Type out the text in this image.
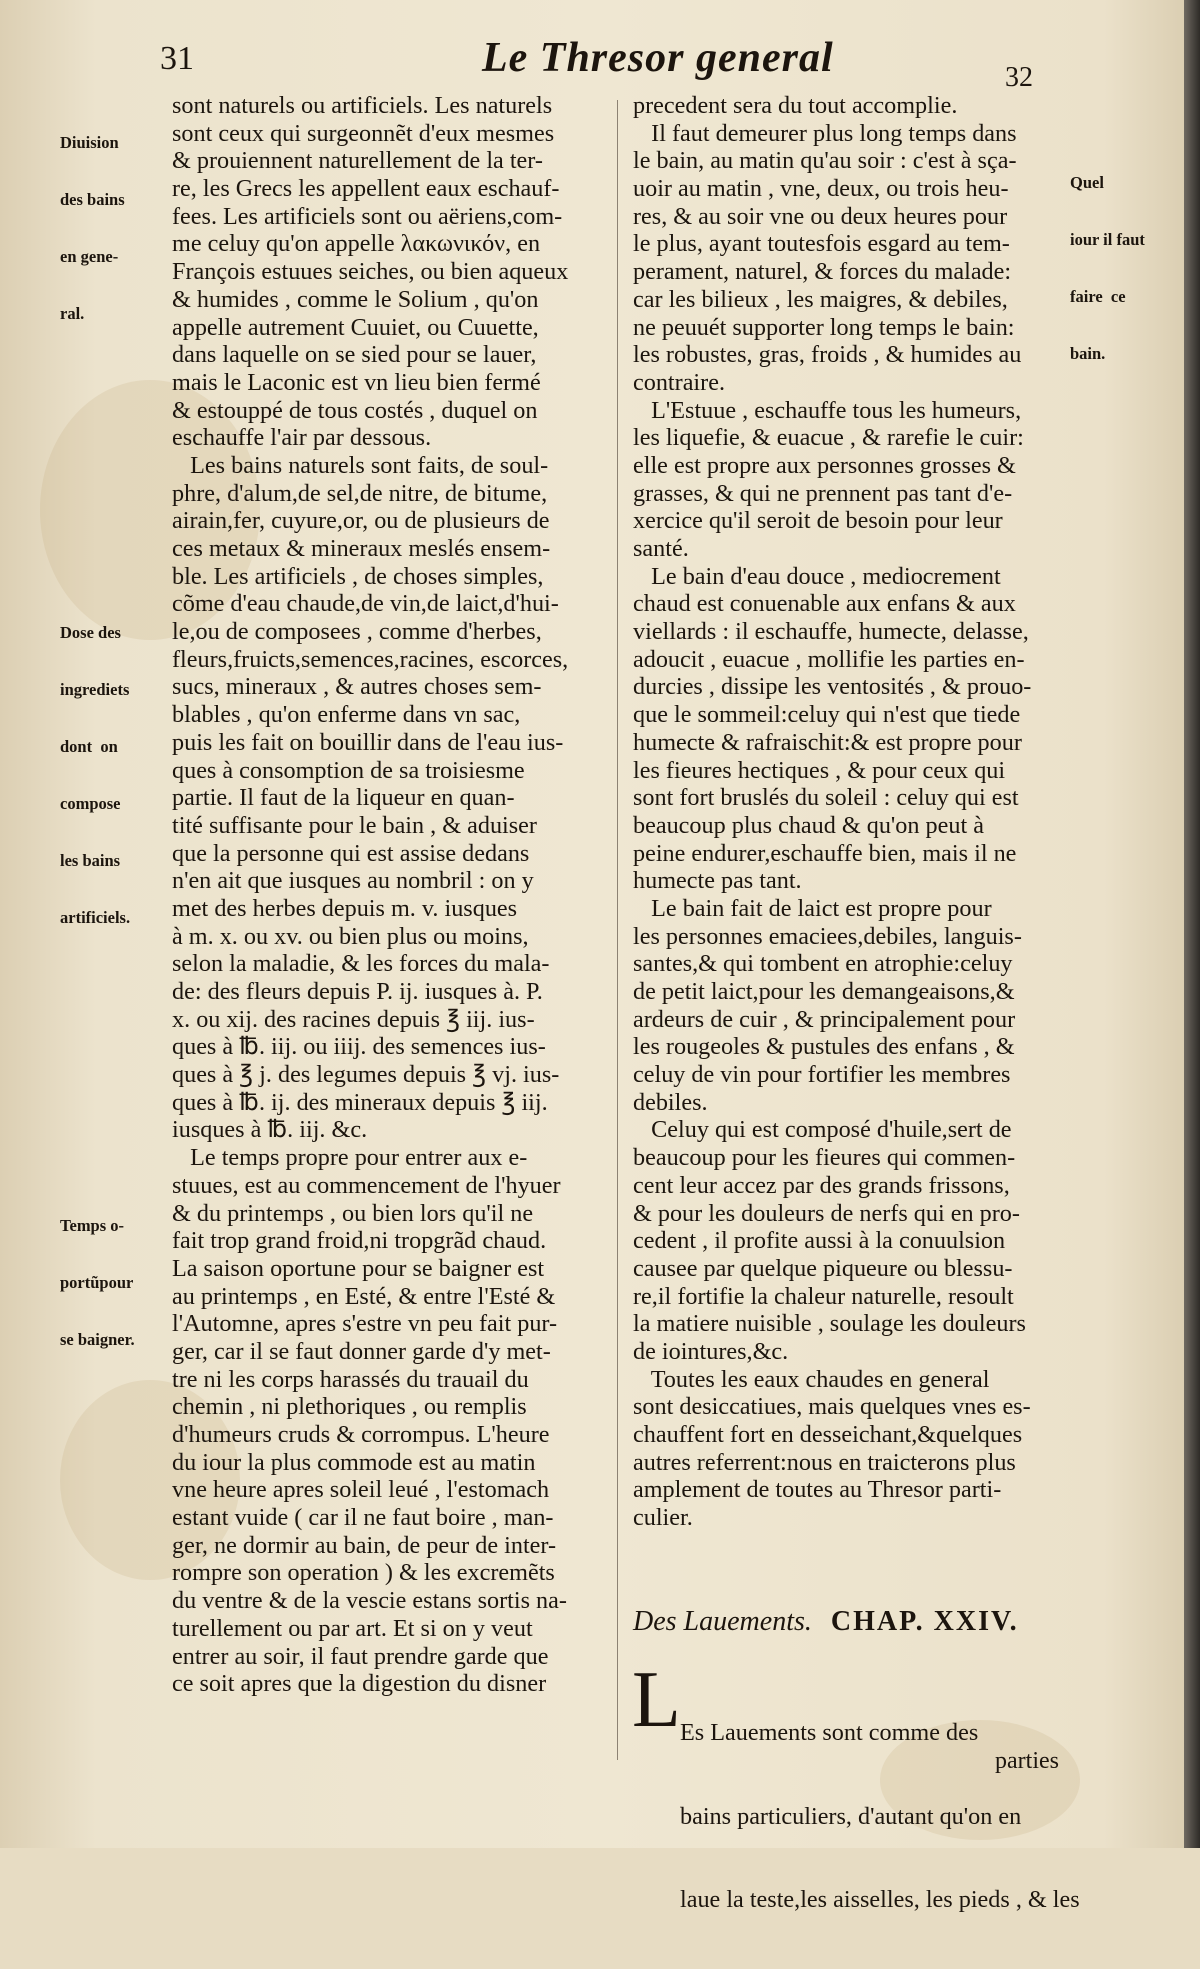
31	Le Thresor general	32

Diuision

des bains

en gene-

ral.

Dose des

ingrediets

dont  on

compose

les bains

artificiels.

Temps o-

portũpour

se baigner.

Quel

iour il faut

faire  ce

bain.

sont naturels ou artificiels. Les naturels
sont ceux qui surgeonnẽt d'eux mesmes
& prouiennent naturellement de la ter-
re, les Grecs les appellent eaux eschauf-
fees. Les artificiels sont ou aëriens,com-
me celuy qu'on appelle λακωνικόν, en
François estuues seiches, ou bien aqueux
& humides , comme le Solium , qu'on
appelle autrement Cuuiet, ou Cuuette,
dans laquelle on se sied pour se lauer,
mais le Laconic est vn lieu bien fermé
& estouppé de tous costés , duquel on
eschauffe l'air par dessous.
Les bains naturels sont faits, de soul-
phre, d'alum,de sel,de nitre, de bitume,
airain,fer, cuyure,or, ou de plusieurs de
ces metaux & mineraux meslés ensem-
ble. Les artificiels , de choses simples,
cõme d'eau chaude,de vin,de laict,d'hui-
le,ou de composees , comme d'herbes,
fleurs,fruicts,semences,racines, escorces,
sucs, mineraux , & autres choses sem-
blables , qu'on enferme dans vn sac,
puis les fait on bouillir dans de l'eau ius-
ques à consomption de sa troisiesme
partie. Il faut de la liqueur en quan-
tité suffisante pour le bain , & aduiser
que la personne qui est assise dedans
n'en ait que iusques au nombril : on y
met des herbes depuis m. v. iusques
à m. x. ou xv. ou bien plus ou moins,
selon la maladie, & les forces du mala-
de: des fleurs depuis P. ij. iusques à. P.
x. ou xij. des racines depuis ℥ iij. ius-
ques à ℔. iij. ou iiij. des semences ius-
ques à ℥ j. des legumes depuis ℥ vj. ius-
ques à ℔. ij. des mineraux depuis ℥ iij.
iusques à ℔. iij. &c.
Le temps propre pour entrer aux e-
stuues, est au commencement de l'hyuer
& du printemps , ou bien lors qu'il ne
fait trop grand froid,ni tropgrãd chaud.
La saison oportune pour se baigner est
au printemps , en Esté, & entre l'Esté &
l'Automne, apres s'estre vn peu fait pur-
ger, car il se faut donner garde d'y met-
tre ni les corps harassés du trauail du
chemin , ni plethoriques , ou remplis
d'humeurs cruds & corrompus. L'heure
du iour la plus commode est au matin
vne heure apres soleil leué , l'estomach
estant vuide ( car il ne faut boire , man-
ger, ne dormir au bain, de peur de inter-
rompre son operation ) & les excremẽts
du ventre & de la vescie estans sortis na-
turellement ou par art. Et si on y veut
entrer au soir, il faut prendre garde que
ce soit apres que la digestion du disner
precedent sera du tout accomplie.
Il faut demeurer plus long temps dans
le bain, au matin qu'au soir : c'est à sça-
uoir au matin , vne, deux, ou trois heu-
res, & au soir vne ou deux heures pour
le plus, ayant toutesfois esgard au tem-
perament, naturel, & forces du malade:
car les bilieux , les maigres, & debiles,
ne peuuét supporter long temps le bain:
les robustes, gras, froids , & humides au
contraire.
L'Estuue , eschauffe tous les humeurs,
les liquefie, & euacue , & rarefie le cuir:
elle est propre aux personnes grosses &
grasses, & qui ne prennent pas tant d'e-
xercice qu'il seroit de besoin pour leur
santé.
Le bain d'eau douce , mediocrement
chaud est conuenable aux enfans & aux
viellards : il eschauffe, humecte, delasse,
adoucit , euacue , mollifie les parties en-
durcies , dissipe les ventosités , & prouo-
que le sommeil:celuy qui n'est que tiede
humecte & rafraischit:& est propre pour
les fieures hectiques , & pour ceux qui
sont fort bruslés du soleil : celuy qui est
beaucoup plus chaud & qu'on peut à
peine endurer,eschauffe bien, mais il ne
humecte pas tant.
Le bain fait de laict est propre pour
les personnes emaciees,debiles, languis-
santes,& qui tombent en atrophie:celuy
de petit laict,pour les demangeaisons,&
ardeurs de cuir , & principalement pour
les rougeoles & pustules des enfans , &
celuy de vin pour fortifier les membres
debiles.
Celuy qui est composé d'huile,sert de
beaucoup pour les fieures qui commen-
cent leur accez par des grands frissons,
& pour les douleurs de nerfs qui en pro-
cedent , il profite aussi à la conuulsion
causee par quelque piqueure ou blessu-
re,il fortifie la chaleur naturelle, resoult
la matiere nuisible , soulage les douleurs
de iointures,&c.
Toutes les eaux chaudes en general
sont desiccatiues, mais quelques vnes es-
chauffent fort en desseichant,&quelques
autres referrent:nous en traicterons plus
amplement de toutes au Thresor parti-
culier.
Des Lauements. CHAP. XXIV.
L

Es Lauements sont comme des

bains particuliers, d'autant qu'on en

laue la teste,les aisselles, les pieds , & les

parties
